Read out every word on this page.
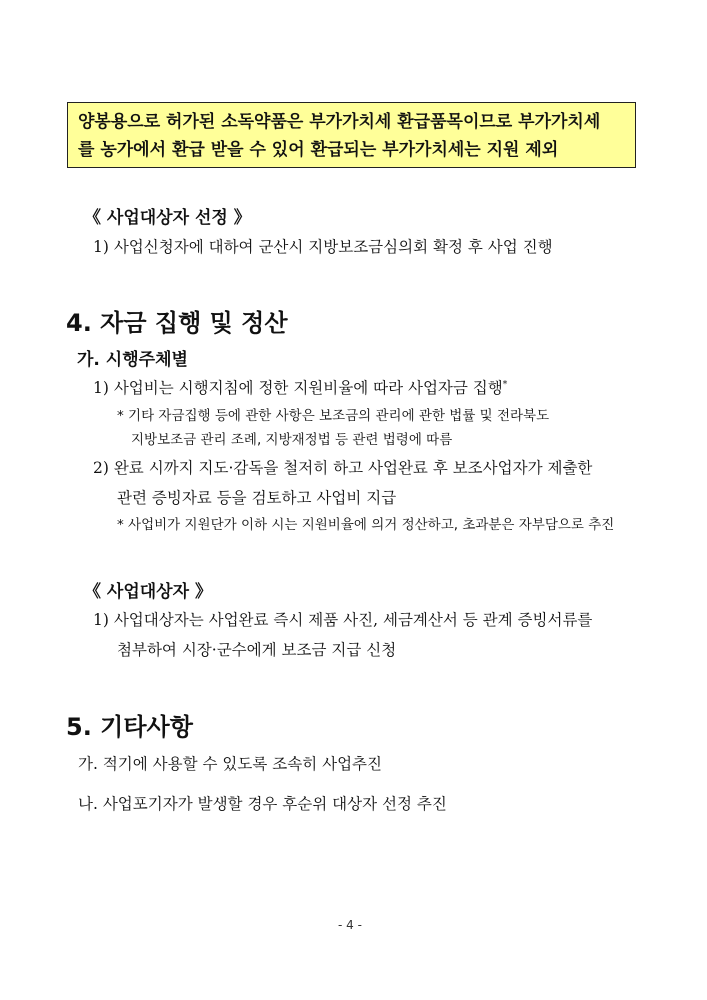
양봉용으로 허가된 소독약품은 부가가치세 환급품목이므로 부가가치세
를 농가에서 환급 받을 수 있어 환급되는 부가가치세는 지원 제외
《 사업대상자 선정 》
1) 사업신청자에 대하여 군산시 지방보조금심의회 확정 후 사업 진행
4. 자금 집행 및 정산
가. 시행주체별
1) 사업비는 시행지침에 정한 지원비율에 따라 사업자금 집행*
* 기타 자금집행 등에 관한 사항은 보조금의 관리에 관한 법률 및 전라북도
지방보조금 관리 조례, 지방재정법 등 관련 법령에 따름
2) 완료 시까지 지도·감독을 철저히 하고 사업완료 후 보조사업자가 제출한
관련 증빙자료 등을 검토하고 사업비 지급
* 사업비가 지원단가 이하 시는 지원비율에 의거 정산하고, 초과분은 자부담으로 추진
《 사업대상자 》
1) 사업대상자는 사업완료 즉시 제품 사진, 세금계산서 등 관계 증빙서류를
첨부하여 시장·군수에게 보조금 지급 신청
5. 기타사항
가. 적기에 사용할 수 있도록 조속히 사업추진
나. 사업포기자가 발생할 경우 후순위 대상자 선정 추진
- 4 -
